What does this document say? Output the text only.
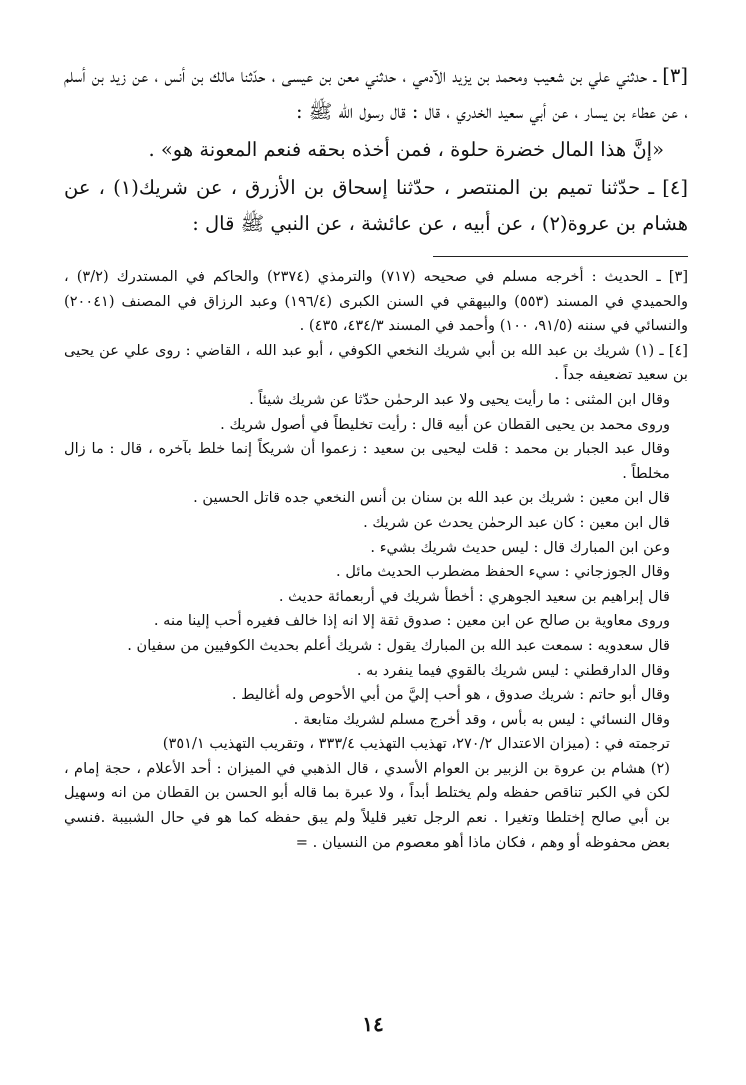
[٣] ـ حدثني علي بن شعيب ومحمد بن يزيد الآدمي ، حدثني معن بن عيسى ، حدّثنا مالك بن أنس ، عن زيد بن أسلم ، عن عطاء بن يسار ، عن أبي سعيد الخدري ، قال : قال رسول الله ﷺ :

«إنَّ هذا المال خضرة حلوة ، فمن أخذه بحقه فنعم المعونة هو» .

[٤] ـ حدّثنا تميم بن المنتصر ، حدّثنا إسحاق بن الأزرق ، عن شريك(١) ، عن هشام بن عروة(٢) ، عن أبيه ، عن عائشة ، عن النبي ﷺ قال :

[٣] ـ الحديث : أخرجه مسلم في صحيحه (٧١٧) والترمذي (٢٣٧٤) والحاكم في المستدرك (٣/٢) ، والحميدي في المسند (٥٥٣) والبيهقي في السنن الكبرى (١٩٦/٤) وعبد الرزاق في المصنف (٢٠٠٤١) والنسائي في سننه (٩١/٥، ١٠٠) وأحمد في المسند ٤٣٤/٣، ٤٣٥) .

[٤] ـ (١) شريك بن عبد الله بن أبي شريك النخعي الكوفي ، أبو عبد الله ، القاضي : روى علي عن يحيى بن سعيد تضعيفه جداً .

وقال ابن المثنى : ما رأيت يحيى ولا عبد الرحمٰن حدّثا عن شريك شيئاً .

وروى محمد بن يحيى القطان عن أبيه قال : رأيت تخليطاً في أصول شريك .

وقال عبد الجبار بن محمد : قلت ليحيى بن سعيد : زعموا أن شريكاً إنما خلط بآخره ، قال : ما زال مخلطاً .

قال ابن معين : شريك بن عبد الله بن سنان بن أنس النخعي جده قاتل الحسين .

قال ابن معين : كان عبد الرحمٰن يحدث عن شريك .

وعن ابن المبارك قال : ليس حديث شريك بشيء .

وقال الجوزجاني : سيء الحفظ مضطرب الحديث مائل .

قال إبراهيم بن سعيد الجوهري : أخطأ شريك في أربعمائة حديث .

وروى معاوية بن صالح عن ابن معين : صدوق ثقة إلا انه إذا خالف فغيره أحب إلينا منه .

قال سعدويه : سمعت عبد الله بن المبارك يقول : شريك أعلم بحديث الكوفيين من سفيان .

وقال الدارقطني : ليس شريك بالقوي فيما ينفرد به .

وقال أبو حاتم : شريك صدوق ، هو أحب إليَّ من أبي الأحوص وله أغاليط .

وقال النسائي : ليس به بأس ، وقد أخرج مسلم لشريك متابعة .

ترجمته في : (ميزان الاعتدال ٢٧٠/٢، تهذيب التهذيب ٣٣٣/٤ ، وتقريب التهذيب ٣٥١/١)

(٢) هشام بن عروة بن الزبير بن العوام الأسدي ، قال الذهبي في الميزان : أحد الأعلام ، حجة إمام ، لكن في الكبر تناقص حفظه ولم يختلط أبداً ، ولا عبرة بما قاله أبو الحسن بن القطان من انه وسهيل بن أبي صالح إختلطا وتغيرا . نعم الرجل تغير قليلاً ولم يبق حفظه كما هو في حال الشبيبة .فنسي بعض محفوظه أو وهم ، فكان ماذا أهو معصوم من النسيان . =

١٤
